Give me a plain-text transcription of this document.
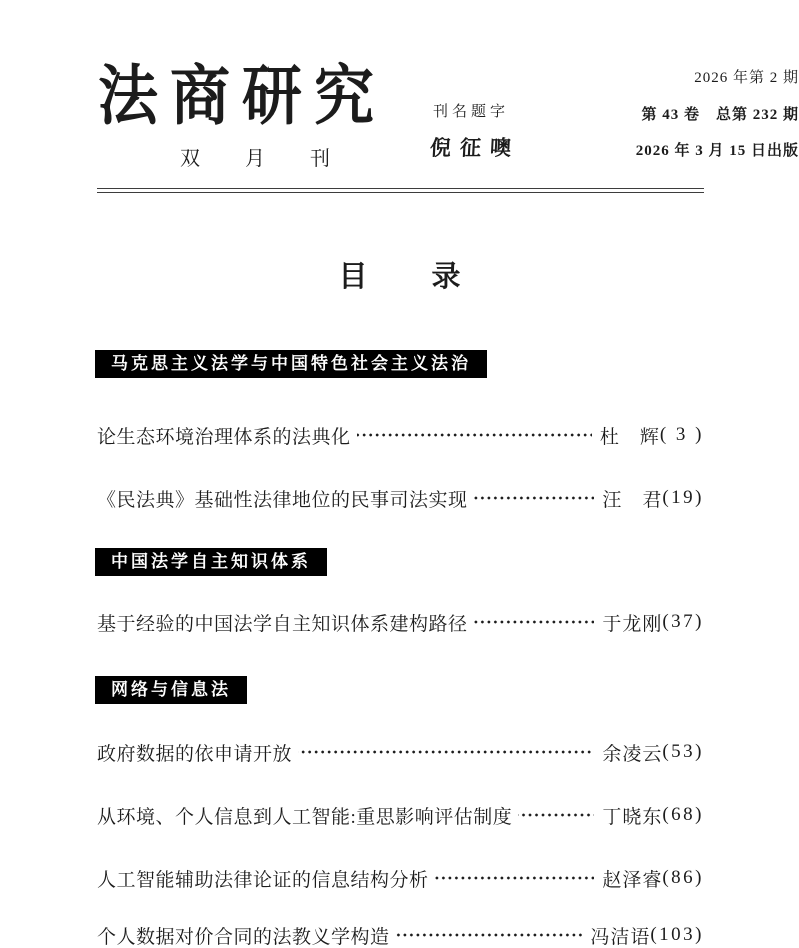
法商研究
双 月 刊
刊名题字
倪征噢
2026 年第 2 期
第 43 卷　总第 232 期
2026 年 3 月 15 日出版
目　　录
马克思主义法学与中国特色社会主义法治
论生态环境治理体系的法典化	杜　辉 ( 3 )
《民法典》基础性法律地位的民事司法实现	汪　君 (19)
中国法学自主知识体系
基于经验的中国法学自主知识体系建构路径	于龙刚 (37)
网络与信息法
政府数据的依申请开放	余凌云 (53)
从环境、个人信息到人工智能:重思影响评估制度	丁晓东 (68)
人工智能辅助法律论证的信息结构分析	赵泽睿 (86)
个人数据对价合同的法教义学构造	冯洁语 (103)
